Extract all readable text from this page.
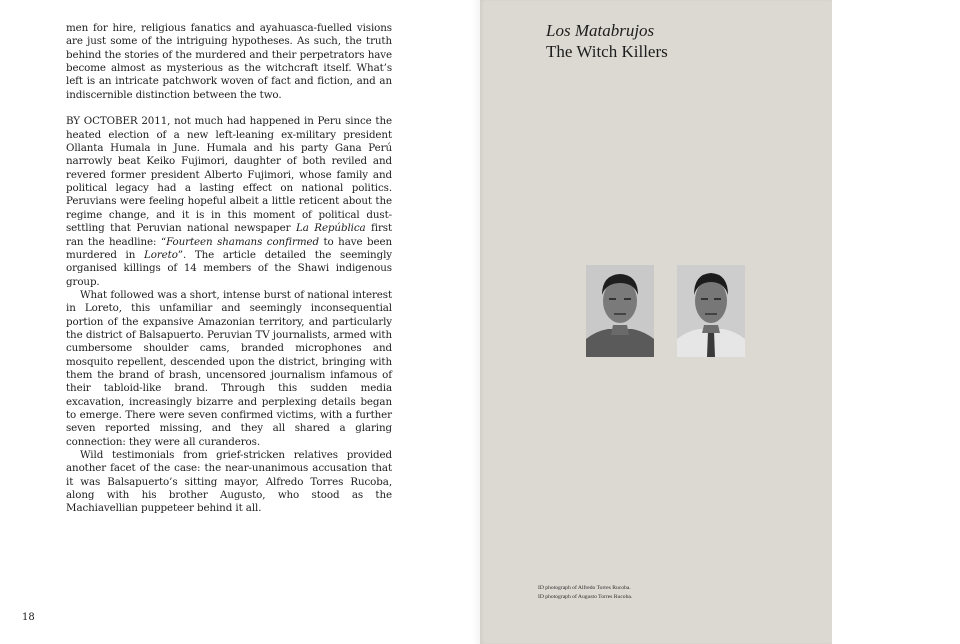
men for hire, religious fanatics and ayahuasca-fuelled visions are just some of the intriguing hypotheses. As such, the truth behind the stories of the murdered and their perpetrators have become almost as mysterious as the witchcraft itself. What’s left is an intricate patchwork woven of fact and fiction, and an indiscernible distinction between the two.

BY OCTOBER 2011, not much had happened in Peru since the heated election of a new left-leaning ex-military president Ollanta Humala in June. Humala and his party Gana Perú narrowly beat Keiko Fujimori, daughter of both reviled and revered former president Alberto Fujimori, whose family and political legacy had a lasting effect on national politics. Peruvians were feeling hopeful albeit a little reticent about the regime change, and it is in this moment of political dust-settling that Peruvian national newspaper La República first ran the headline: “Fourteen shamans confirmed to have been murdered in Loreto”. The article detailed the seemingly organised killings of 14 members of the Shawi indigenous group.

What followed was a short, intense burst of national interest in Loreto, this unfamiliar and seemingly inconsequential portion of the expansive Amazonian territory, and particularly the district of Balsapuerto. Peruvian TV journalists, armed with cumbersome shoulder cams, branded microphones and mosquito repellent, descended upon the district, bringing with them the brand of brash, uncensored journalism infamous of their tabloid-like brand. Through this sudden media excavation, increasingly bizarre and perplexing details began to emerge. There were seven confirmed victims, with a further seven reported missing, and they all shared a glaring connection: they were all curanderos.

Wild testimonials from grief-stricken relatives provided another facet of the case: the near-unanimous accusation that it was Balsapuerto’s sitting mayor, Alfredo Torres Rucoba, along with his brother Augusto, who stood as the Machiavellian puppeteer behind it all.

18
Los Matabrujos
The Witch Killers
ID photograph of Alfredo Torres Rucoba.
ID photograph of Augusto Torres Rucoba.
